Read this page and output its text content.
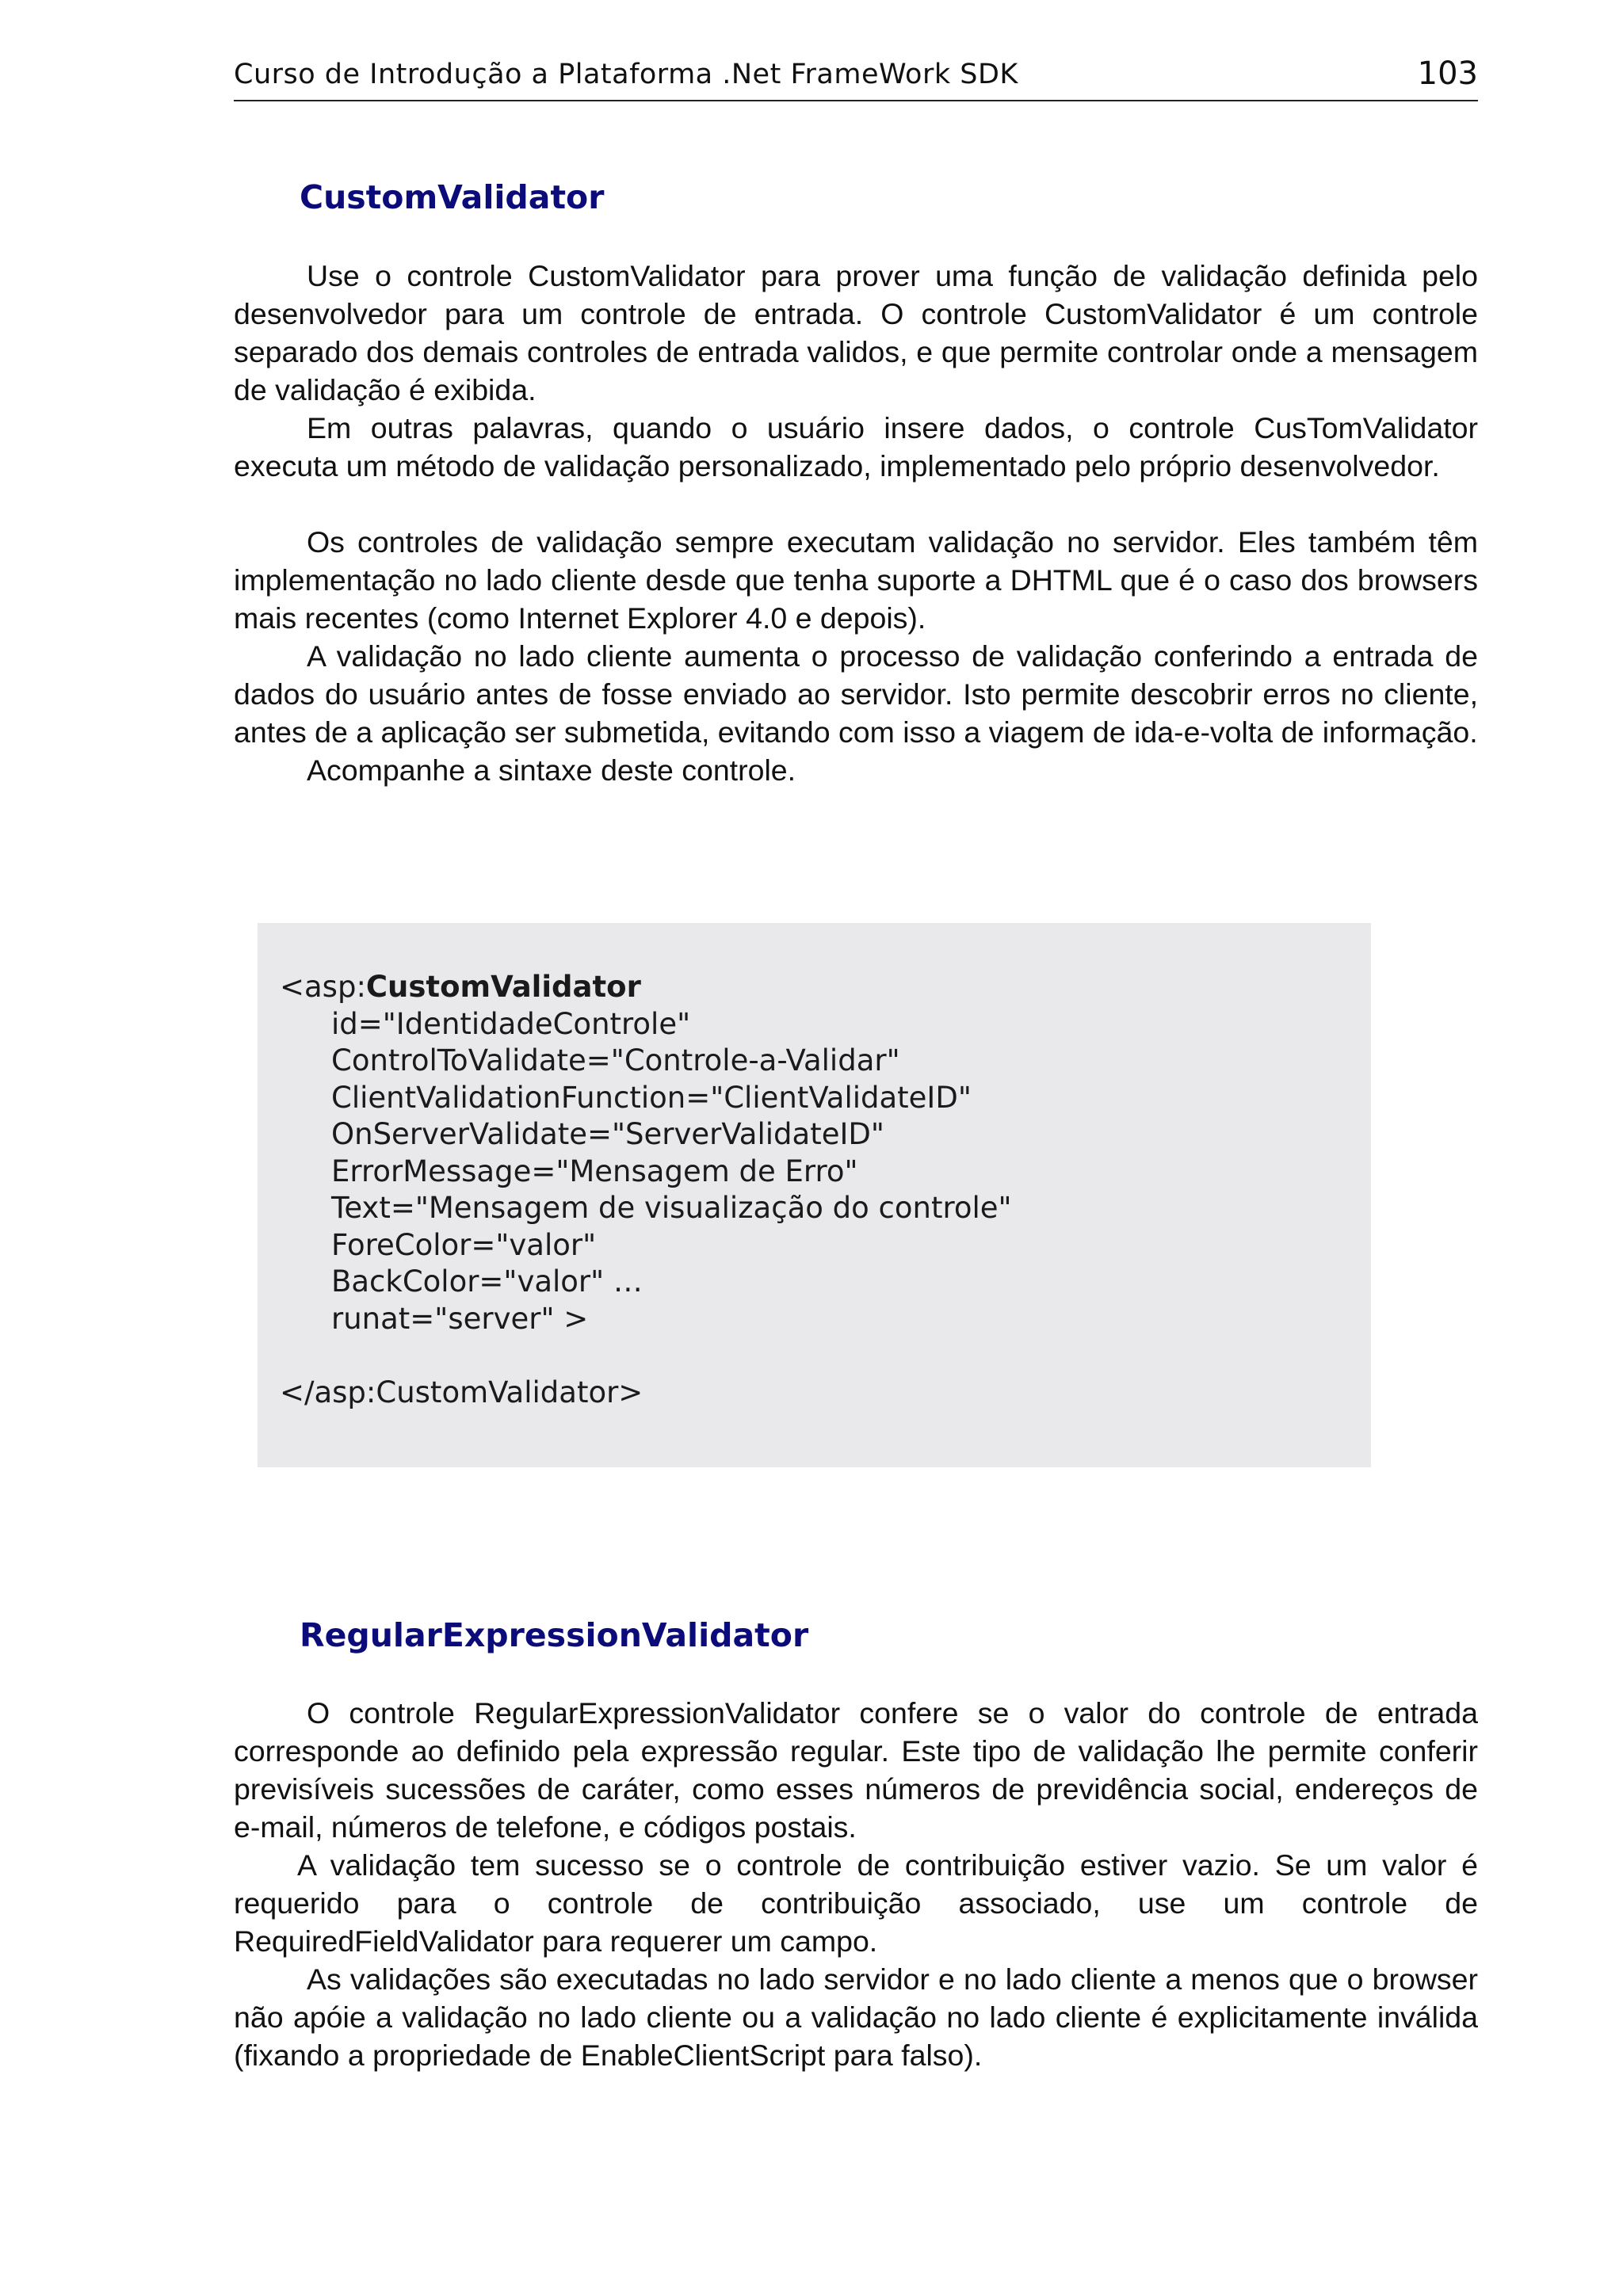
Curso de Introdução a Plataforma .Net FrameWork SDK	103
CustomValidator

Use o controle CustomValidator para prover uma função de validação definida pelo desenvolvedor para um controle de entrada. O controle CustomValidator é um controle separado dos demais controles de entrada validos, e que permite controlar onde a mensagem de validação é exibida.

Em outras palavras, quando o usuário insere dados, o controle CusTomValidator executa um método de validação personalizado, implementado pelo próprio desenvolvedor.

Os controles de validação sempre executam validação no servidor. Eles também têm implementação no lado cliente desde que tenha suporte a DHTML que é o caso dos browsers mais recentes (como Internet Explorer 4.0 e depois).

A validação no lado cliente aumenta o processo de validação conferindo a entrada de dados do usuário antes de fosse enviado ao servidor. Isto permite descobrir erros no cliente, antes de a aplicação ser submetida, evitando com isso a viagem de ida-e-volta de informação.

Acompanhe a sintaxe deste controle.

<asp:CustomValidator
id="IdentidadeControle"
ControlToValidate="Controle-a-Validar"
ClientValidationFunction="ClientValidateID"
OnServerValidate="ServerValidateID"
ErrorMessage="Mensagem de Erro"
Text="Mensagem de visualização do controle"
ForeColor="valor"
BackColor="valor" …
runat="server" >

</asp:CustomValidator>
RegularExpressionValidator

O controle RegularExpressionValidator confere se o valor do controle de entrada corresponde ao definido pela expressão regular. Este tipo de validação lhe permite conferir previsíveis sucessões de caráter, como esses números de previdência social, endereços de e-mail, números de telefone, e códigos postais.

A validação tem sucesso se o controle de contribuição estiver vazio. Se um valor é requerido para o controle de contribuição associado, use um controle de RequiredFieldValidator para requerer um campo.

As validações são executadas no lado servidor e no lado cliente a menos que o browser não apóie a validação no lado cliente ou a validação no lado cliente é explicitamente inválida (fixando a propriedade de EnableClientScript para falso).
